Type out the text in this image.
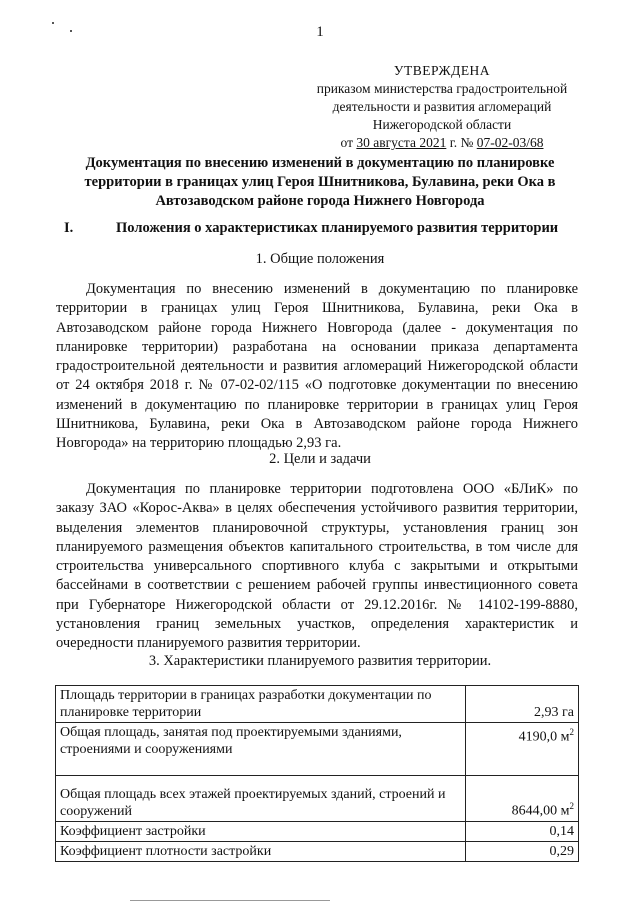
1
УТВЕРЖДЕНА
приказом министерства градостроительной
деятельности и развития агломераций
Нижегородской области
от 30 августа 2021 г. № 07-02-03/68
Документация по внесению изменений в документацию по планировке территории в границах улиц Героя Шнитникова, Булавина, реки Ока в Автозаводском районе города Нижнего Новгорода
I.	Положения о характеристиках планируемого развития территории
1. Общие положения
Документация по внесению изменений в документацию по планировке территории в границах улиц Героя Шнитникова, Булавина, реки Ока в Автозаводском районе города Нижнего Новгорода (далее - документация по планировке территории) разработана на основании приказа департамента градостроительной деятельности и развития агломераций Нижегородской области от 24 октября 2018 г. № 07-02-02/115 «О подготовке документации по внесению изменений в документацию по планировке территории в границах улиц Героя Шнитникова, Булавина, реки Ока в Автозаводском районе города Нижнего Новгорода» на территорию площадью 2,93 га.
2. Цели и задачи
Документация по планировке территории подготовлена ООО «БЛиК» по заказу ЗАО «Корос-Аква» в целях обеспечения устойчивого развития территории, выделения элементов планировочной структуры, установления границ зон планируемого размещения объектов капитального строительства, в том числе для строительства универсального спортивного клуба с закрытыми и открытыми бассейнами в соответствии с решением рабочей группы инвестиционного совета при Губернаторе Нижегородской области от 29.12.2016г. № 14102-199-8880, установления границ земельных участков, определения характеристик и очередности планируемого развития территории.
3. Характеристики планируемого развития территории.
Площадь территории в границах разработки документации по планировке территории	2,93 га
Общая площадь, занятая под проектируемыми зданиями, строениями и сооружениями	4190,0 $м^2$
Общая площадь всех этажей проектируемых зданий, строений и сооружений	8644,00 $м^2$
Коэффициент застройки	0,14
Коэффициент плотности застройки	0,29
